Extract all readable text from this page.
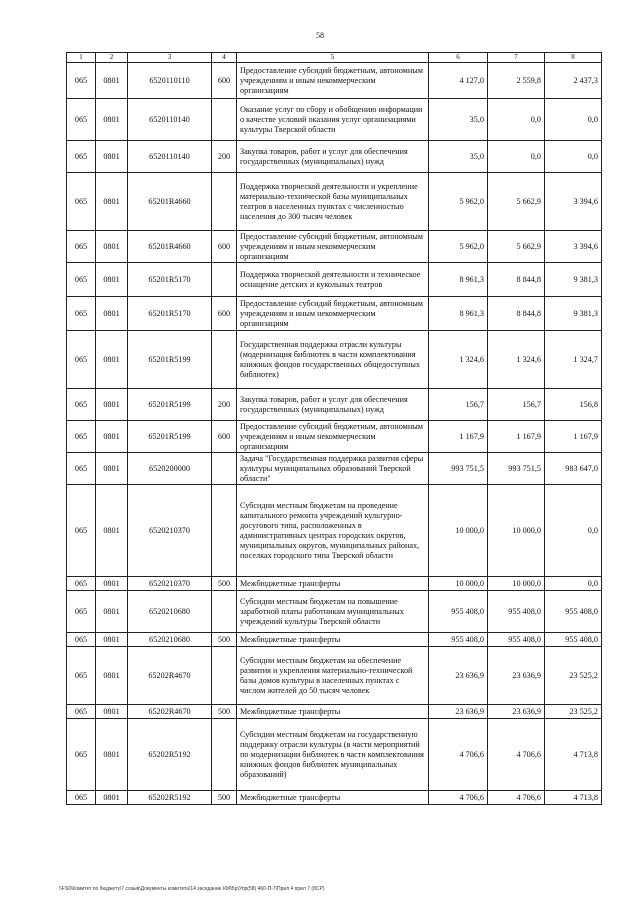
58
1	2	3	4	5	6	7	8
065	0801	6520110110	600	Предоставление субсидий бюджетным, автономным учреждениям и иным некоммерческим организациям	4 127,0	2 559,8	2 437,3
065	0801	6520110140		Оказание услуг по сбору и обобщению информации о качестве условий оказания услуг организациями культуры Тверской области	35,0	0,0	0,0
065	0801	6520110140	200	Закупка товаров, работ и услуг для обеспечения государственных (муниципальных) нужд	35,0	0,0	0,0
065	0801	65201R4660		Поддержка творческой деятельности и укрепление материально-технической базы муниципальных театров в населенных пунктах с численностью населения до 300 тысяч человек	5 962,0	5 662,9	3 394,6
065	0801	65201R4660	600	Предоставление субсидий бюджетным, автономным учреждениям и иным некоммерческим организациям	5 962,0	5 662,9	3 394,6
065	0801	65201R5170		Поддержка творческой деятельности и техническое оснащение детских и кукольных театров	8 961,3	8 844,8	9 381,3
065	0801	65201R5170	600	Предоставление субсидий бюджетным, автономным учреждениям и иным некоммерческим организациям	8 961,3	8 844,8	9 381,3
065	0801	65201R5199		Государственная поддержка отрасли культуры (модернизация библиотек в части комплектования книжных фондов государственных общедоступных библиотек)	1 324,6	1 324,6	1 324,7
065	0801	65201R5199	200	Закупка товаров, работ и услуг для обеспечения государственных (муниципальных) нужд	156,7	156,7	156,8
065	0801	65201R5199	600	Предоставление субсидий бюджетным, автономным учреждениям и иным некоммерческим организациям	1 167,9	1 167,9	1 167,9
065	0801	6520200000		Задача "Государственная поддержка развития сферы культуры муниципальных образований Тверской области"	993 751,5	993 751,5	983 647,0
065	0801	6520210370		Субсидии местным бюджетам на проведение капитального ремонта учреждений культурно-досугового типа, расположенных в административных центрах городских округов, муниципальных округов, муниципальных районах, поселках городского типа Тверской области	10 000,0	10 000,0	0,0
065	0801	6520210370	500	Межбюджетные трансферты	10 000,0	10 000,0	0,0
065	0801	6520210680		Субсидии местным бюджетам на повышение заработной платы работникам муниципальных учреждений культуры Тверской области	955 408,0	955 408,0	955 408,0
065	0801	6520210680	500	Межбюджетные трансферты	955 408,0	955 408,0	955 408,0
065	0801	65202R4670		Субсидии местным бюджетам на обеспечение развития и укрепления материально-технической базы домов культуры в населенных пунктах с числом жителей до 50 тысяч человек	23 636,9	23 636,9	23 525,2
065	0801	65202R4670	500	Межбюджетные трансферты	23 636,9	23 636,9	23 525,2
065	0801	65202R5192		Субсидии местным бюджетам на государственную поддержку отрасли культуры (в части мероприятий по модернизации библиотек в части комплектования книжных фондов библиотек муниципальных образований)	4 706,6	4 706,6	4 713,8
065	0801	65202R5192	500	Межбюджетные трансферты	4 706,6	4 706,6	4 713,8
\\FS0\Комитет по бюджету\7 созыв\Документы комитета\14 заседание КМ\Бр\Упр(58) 460-П-7\Прил 4 прил 7 (8СР)
